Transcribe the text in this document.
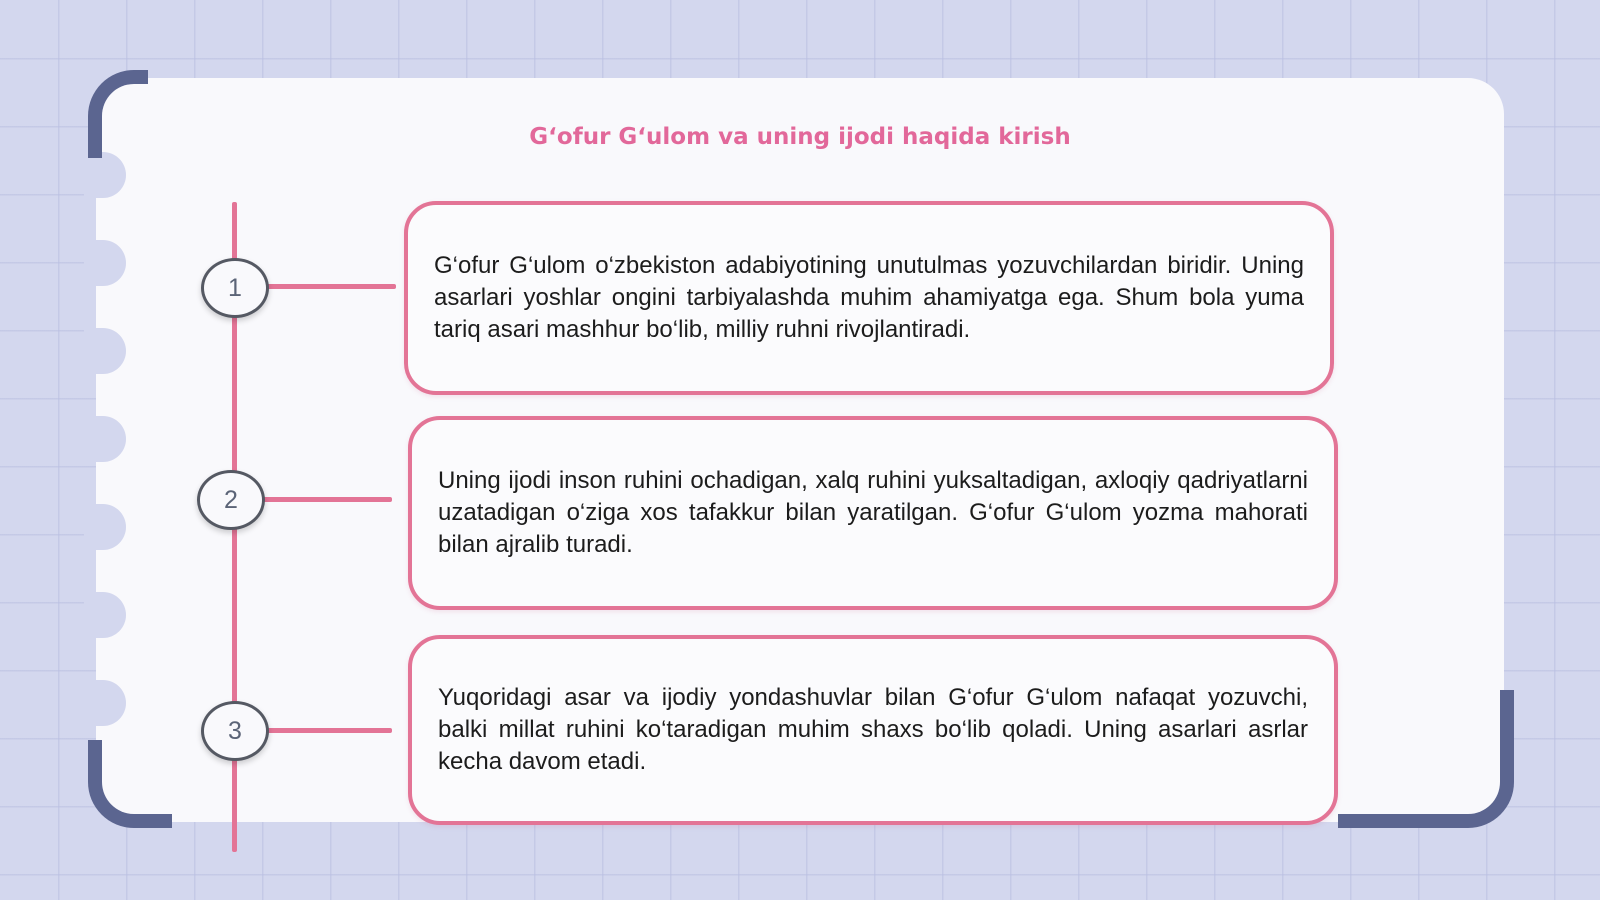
Gʻofur Gʻulom va uning ijodi haqida kirish
1
2
3

G‘ofur G‘ulom o‘zbekiston adabiyotining unutulmas yozuvchilardan biridir. Uning asarlari yoshlar ongini tarbiyalashda muhim ahamiyatga ega. Shum bola yuma tariq asari mashhur bo‘lib, milliy ruhni rivojlantiradi.

Uning ijodi inson ruhini ochadigan, xalq ruhini yuksaltadigan, axloqiy qadriyatlarni uzatadigan o‘ziga xos tafakkur bilan yaratilgan. G‘ofur G‘ulom yozma mahorati bilan ajralib turadi.

Yuqoridagi asar va ijodiy yondashuvlar bilan G‘ofur G‘ulom nafaqat yozuvchi, balki millat ruhini ko‘taradigan muhim shaxs bo‘lib qoladi. Uning asarlari asrlar kecha davom etadi.
